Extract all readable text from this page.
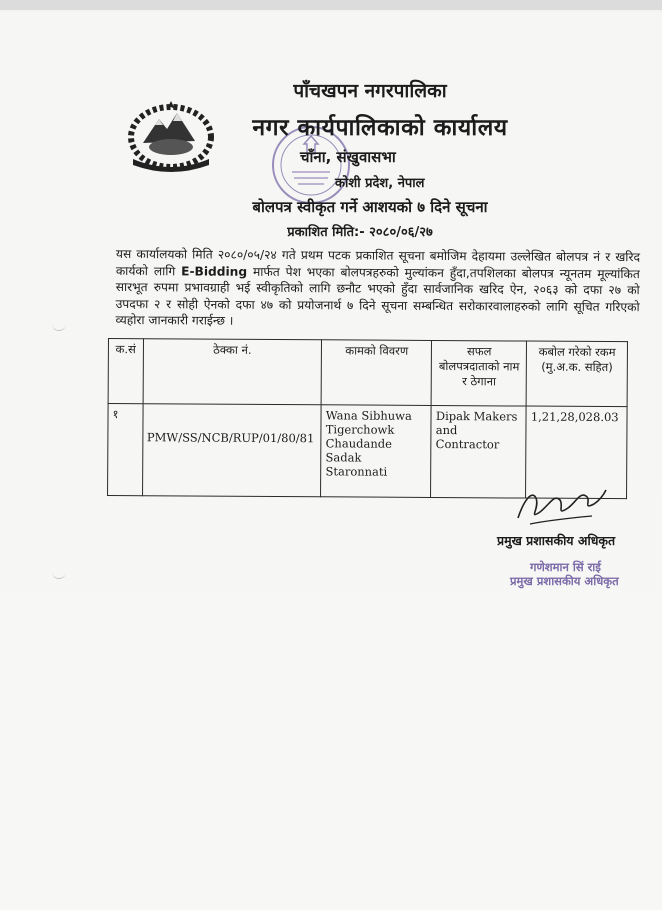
पाँचखपन नगरपालिका
नगर कार्यपालिकाको कार्यालय
चाँना, संखुवासभा
कोशी प्रदेश, नेपाल
बोलपत्र स्वीकृत गर्ने आशयको ७ दिने सूचना
प्रकाशित मिति:- २०८०/०६/२७
यस कार्यालयको मिति २०८०/०५/२४ गते प्रथम पटक प्रकाशित सूचना बमोजिम देहायमा उल्लेखित बोलपत्र नं र खरिद कार्यको लागि E-Bidding मार्फत पेश भएका बोलपत्रहरुको मुल्यांकन हुँदा,तपशिलका बोलपत्र न्यूनतम मूल्यांकित सारभूत रुपमा प्रभावग्राही भई स्वीकृतिको लागि छनौट भएको हुँदा सार्वजानिक खरिद ऐन, २०६३ को दफा २७ को उपदफा २ र सोही ऐनको दफा ४७ को प्रयोजनार्थ ७ दिने सूचना सम्बन्धित सरोकारवालाहरुको लागि सूचित गरिएको व्यहोरा जानकारी गराईन्छ ।
क.सं	ठेक्का नं.	कामको विवरण	सफल बोलपत्रदाताको नाम र ठेगाना	कबोल गरेको रकम (मु.अ.क. सहित)
१	PMW/SS/NCB/RUP/01/80/81	Wana Sibhuwa Tigerchowk Chaudande Sadak Staronnati	Dipak Makers and Contractor	1,21,28,028.03
प्रमुख प्रशासकीय अधिकृत
गणेशमान सिं राई
प्रमुख प्रशासकीय अधिकृत
